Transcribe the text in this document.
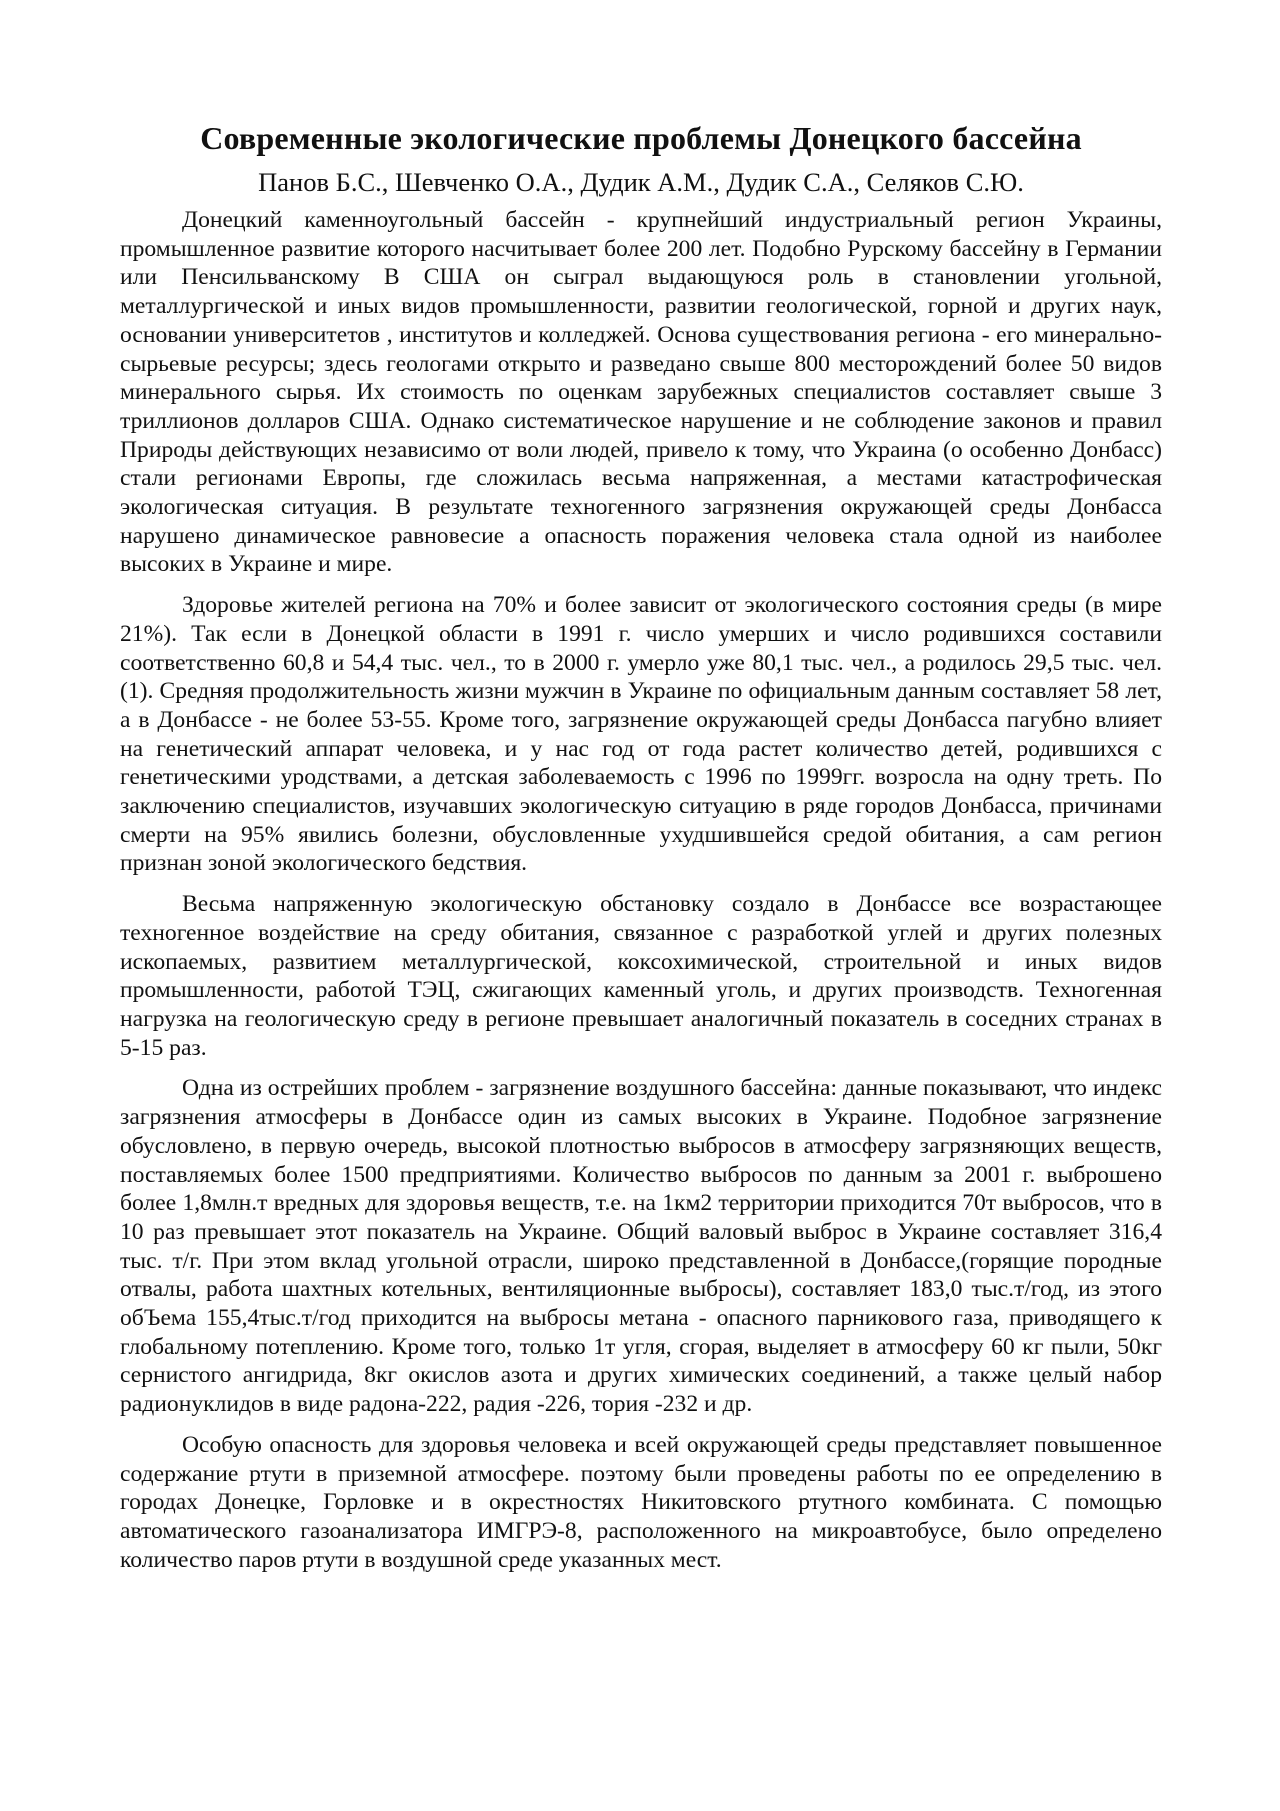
Современные экологические проблемы Донецкого бассейна
Панов Б.С., Шевченко О.А., Дудик А.М., Дудик С.А., Селяков С.Ю.

Донецкий каменноугольный бассейн - крупнейший индустриальный регион Украины, промышленное развитие которого насчитывает более 200 лет. Подобно Рурскому бассейну в Германии или Пенсильванскому В США он сыграл выдающуюся роль в становлении угольной, металлургической и иных видов промышленности, развитии геологической, горной и других наук, основании университетов , институтов и колледжей. Основа существования региона - его минерально-сырьевые ресурсы; здесь геологами открыто и разведано свыше 800 месторождений более 50 видов минерального сырья. Их стоимость по оценкам зарубежных специалистов составляет свыше 3 триллионов долларов США. Однако систематическое нарушение и не соблюдение законов и правил Природы действующих независимо от воли людей, привело к тому, что Украина (о особенно Донбасс) стали регионами Европы, где сложилась весьма напряженная, а местами катастрофическая экологическая ситуация. В результате техногенного загрязнения окружающей среды Донбасса нарушено динамическое равновесие а опасность поражения человека стала одной из наиболее высоких в Украине и мире.

Здоровье жителей региона на 70% и более зависит от экологического состояния среды (в мире 21%). Так если в Донецкой области в 1991 г. число умерших и число родившихся составили соответственно 60,8 и 54,4 тыс. чел., то в 2000 г. умерло уже 80,1 тыс. чел., а родилось 29,5 тыс. чел. (1). Средняя продолжительность жизни мужчин в Украине по официальным данным составляет 58 лет, а в Донбассе - не более 53-55. Кроме того, загрязнение окружающей среды Донбасса пагубно влияет на генетический аппарат человека, и у нас год от года растет количество детей, родившихся с генетическими уродствами, а детская заболеваемость с 1996 по 1999гг. возросла на одну треть. По заключению специалистов, изучавших экологическую ситуацию в ряде городов Донбасса, причинами смерти на 95% явились болезни, обусловленные ухудшившейся средой обитания, а сам регион признан зоной экологического бедствия.

Весьма напряженную экологическую обстановку создало в Донбассе все возрастающее техногенное воздействие на среду обитания, связанное с разработкой углей и других полезных ископаемых, развитием металлургической, коксохимической, строительной и иных видов промышленности, работой ТЭЦ, сжигающих каменный уголь, и других производств. Техногенная нагрузка на геологическую среду в регионе превышает аналогичный показатель в соседних странах в 5-15 раз.

Одна из острейших проблем - загрязнение воздушного бассейна: данные показывают, что индекс загрязнения атмосферы в Донбассе один из самых высоких в Украине. Подобное загрязнение обусловлено, в первую очередь, высокой плотностью выбросов в атмосферу загрязняющих веществ, поставляемых более 1500 предприятиями. Количество выбросов по данным за 2001 г. выброшено более 1,8млн.т вредных для здоровья веществ, т.е. на 1км2 территории приходится 70т выбросов, что в 10 раз превышает этот показатель на Украине. Общий валовый выброс в Украине составляет 316,4 тыс. т/г. При этом вклад угольной отрасли, широко представленной в Донбассе,(горящие породные отвалы, работа шахтных котельных, вентиляционные выбросы), составляет 183,0 тыс.т/год, из этого обЪема 155,4тыс.т/год приходится на выбросы метана - опасного парникового газа, приводящего к глобальному потеплению. Кроме того, только 1т угля, сгорая, выделяет в атмосферу 60 кг пыли, 50кг сернистого ангидрида, 8кг окислов азота и других химических соединений, а также целый набор радионуклидов в виде радона-222, радия -226, тория -232 и др.

Особую опасность для здоровья человека и всей окружающей среды представляет повышенное содержание ртути в приземной атмосфере. поэтому были проведены работы по ее определению в городах Донецке, Горловке и в окрестностях Никитовского ртутного комбината. С помощью автоматического газоанализатора ИМГРЭ-8, расположенного на микроавтобусе, было определено количество паров ртути в воздушной среде указанных мест.
